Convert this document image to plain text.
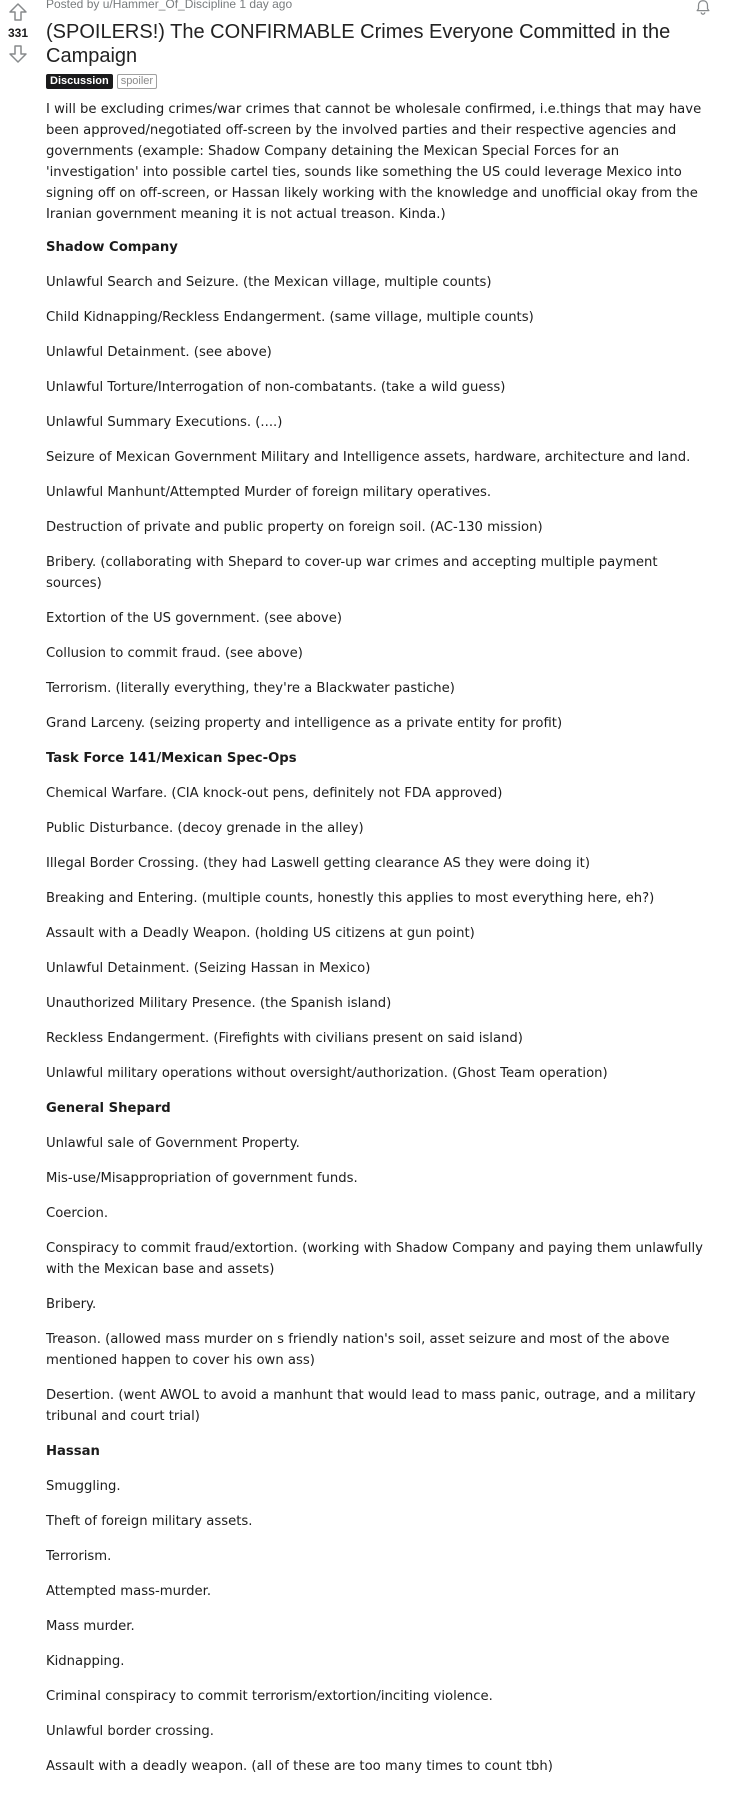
331
Posted by u/Hammer_Of_Discipline 1 day ago
(SPOILERS!) The CONFIRMABLE Crimes Everyone Committed in the Campaign
Discussion	spoiler

I will be excluding crimes/war crimes that cannot be wholesale confirmed, i.e.things that may have been approved/negotiated off-screen by the involved parties and their respective agencies and governments (example: Shadow Company detaining the Mexican Special Forces for an 'investigation' into possible cartel ties, sounds like something the US could leverage Mexico into signing off on off-screen, or Hassan likely working with the knowledge and unofficial okay from the Iranian government meaning it is not actual treason. Kinda.)

Shadow Company

Unlawful Search and Seizure. (the Mexican village, multiple counts)

Child Kidnapping/Reckless Endangerment. (same village, multiple counts)

Unlawful Detainment. (see above)

Unlawful Torture/Interrogation of non-combatants. (take a wild guess)

Unlawful Summary Executions. (....)

Seizure of Mexican Government Military and Intelligence assets, hardware, architecture and land.

Unlawful Manhunt/Attempted Murder of foreign military operatives.

Destruction of private and public property on foreign soil. (AC-130 mission)

Bribery. (collaborating with Shepard to cover-up war crimes and accepting multiple payment sources)

Extortion of the US government. (see above)

Collusion to commit fraud. (see above)

Terrorism. (literally everything, they're a Blackwater pastiche)

Grand Larceny. (seizing property and intelligence as a private entity for profit)

Task Force 141/Mexican Spec-Ops

Chemical Warfare. (CIA knock-out pens, definitely not FDA approved)

Public Disturbance. (decoy grenade in the alley)

Illegal Border Crossing. (they had Laswell getting clearance AS they were doing it)

Breaking and Entering. (multiple counts, honestly this applies to most everything here, eh?)

Assault with a Deadly Weapon. (holding US citizens at gun point)

Unlawful Detainment. (Seizing Hassan in Mexico)

Unauthorized Military Presence. (the Spanish island)

Reckless Endangerment. (Firefights with civilians present on said island)

Unlawful military operations without oversight/authorization. (Ghost Team operation)

General Shepard

Unlawful sale of Government Property.

Mis-use/Misappropriation of government funds.

Coercion.

Conspiracy to commit fraud/extortion. (working with Shadow Company and paying them unlawfully with the Mexican base and assets)

Bribery.

Treason. (allowed mass murder on s friendly nation's soil, asset seizure and most of the above mentioned happen to cover his own ass)

Desertion. (went AWOL to avoid a manhunt that would lead to mass panic, outrage, and a military tribunal and court trial)

Hassan

Smuggling.

Theft of foreign military assets.

Terrorism.

Attempted mass-murder.

Mass murder.

Kidnapping.

Criminal conspiracy to commit terrorism/extortion/inciting violence.

Unlawful border crossing.

Assault with a deadly weapon. (all of these are too many times to count tbh)
